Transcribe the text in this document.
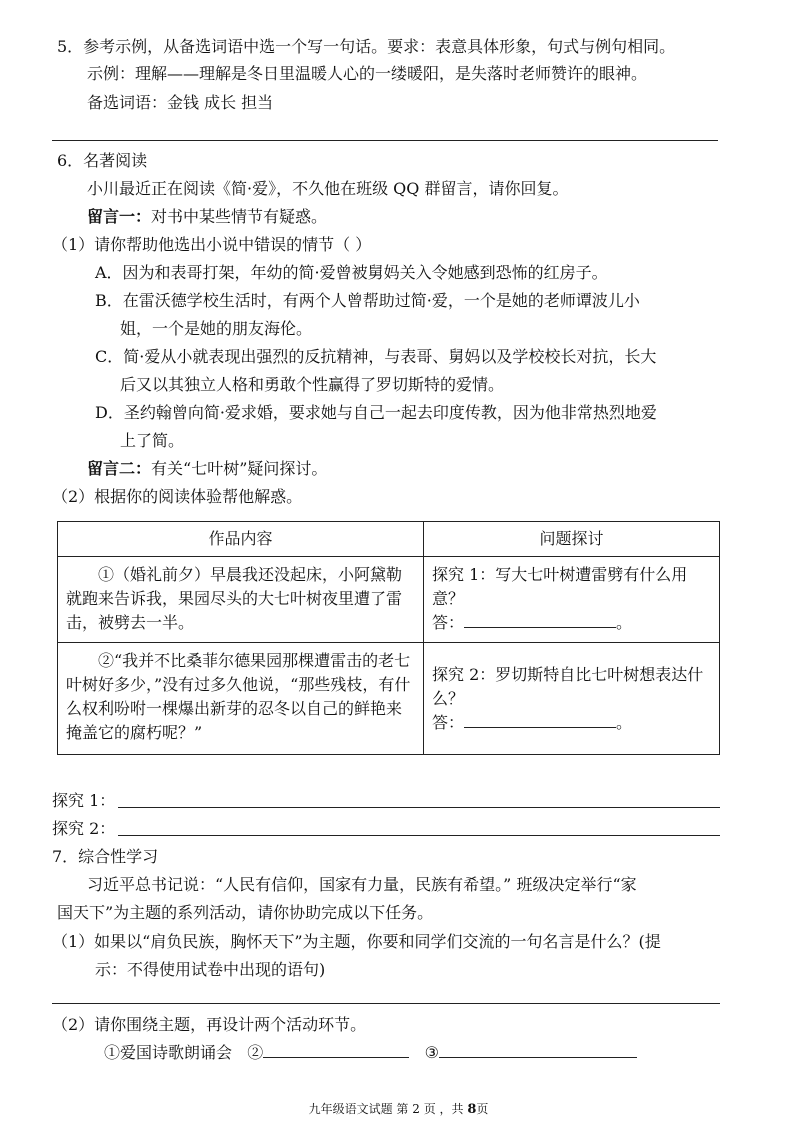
5．参考示例，从备选词语中选一个写一句话。要求：表意具体形象，句式与例句相同。
示例：理解——理解是冬日里温暖人心的一缕暖阳，是失落时老师赞许的眼神。
备选词语：金钱 成长 担当
6．名著阅读
小川最近正在阅读《简·爱》，不久他在班级 QQ 群留言，请你回复。
留言一：对书中某些情节有疑惑。
（1）请你帮助他选出小说中错误的情节（ ）
A．因为和表哥打架，年幼的简·爱曾被舅妈关入令她感到恐怖的红房子。
B．在雷沃德学校生活时，有两个人曾帮助过简·爱，一个是她的老师谭波儿小
姐，一个是她的朋友海伦。
C．简·爱从小就表现出强烈的反抗精神，与表哥、舅妈以及学校校长对抗，长大
后又以其独立人格和勇敢个性赢得了罗切斯特的爱情。
D．圣约翰曾向简·爱求婚，要求她与自己一起去印度传教，因为他非常热烈地爱
上了简。
留言二：有关“七叶树”疑问探讨。
（2）根据你的阅读体验帮他解惑。
作品内容	问题探讨
①（婚礼前夕）早晨我还没起床，小阿黛勒就跑来告诉我，果园尽头的大七叶树夜里遭了雷击，被劈去一半。	探究 1：写大七叶树遭雷劈有什么用意？
答： 。

②“我并不比桑菲尔德果园那棵遭雷击的老七叶树好多少，”没有过多久他说，“那些残枝，有什么权利吩咐一棵爆出新芽的忍冬以自己的鲜艳来掩盖它的腐朽呢？”	探究 2：罗切斯特自比七叶树想表达什么？
答： 。
探究 1：
探究 2：
7．综合性学习
习近平总书记说：“人民有信仰，国家有力量，民族有希望。” 班级决定举行“家
国天下”为主题的系列活动，请你协助完成以下任务。
（1）如果以“肩负民族，胸怀天下”为主题，你要和同学们交流的一句名言是什么？(提
示：不得使用试卷中出现的语句)
（2）请你围绕主题，再设计两个活动环节。
①爱国诗歌朗诵会 ②	③
九年级语文试题 第 2 页 ，共 8页
